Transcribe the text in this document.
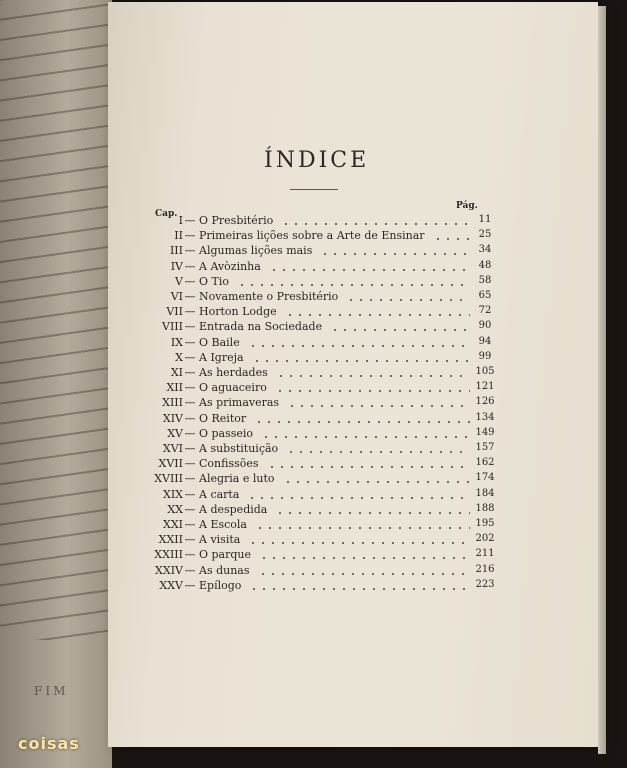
FIM
ÍNDICE
Cap.
Pág.
I — O Presbitério	11
II — Primeiras lições sobre a Arte de Ensinar	25
III — Algumas lições mais	34
IV — A Avòzinha	48
V — O Tio	58
VI — Novamente o Presbitério	65
VII — Horton Lodge	72
VIII — Entrada na Sociedade	90
IX — O Baile	94
X — A Igreja	99
XI — As herdades	105
XII — O aguaceiro	121
XIII — As primaveras	126
XIV — O Reitor	134
XV — O passeio	149
XVI — A substituição	157
XVII — Confissões	162
XVIII — Alegria e luto	174
XIX — A carta	184
XX — A despedida	188
XXI — A Escola	195
XXII — A visita	202
XXIII — O parque	211
XXIV — As dunas	216
XXV — Epílogo	223
coisas
